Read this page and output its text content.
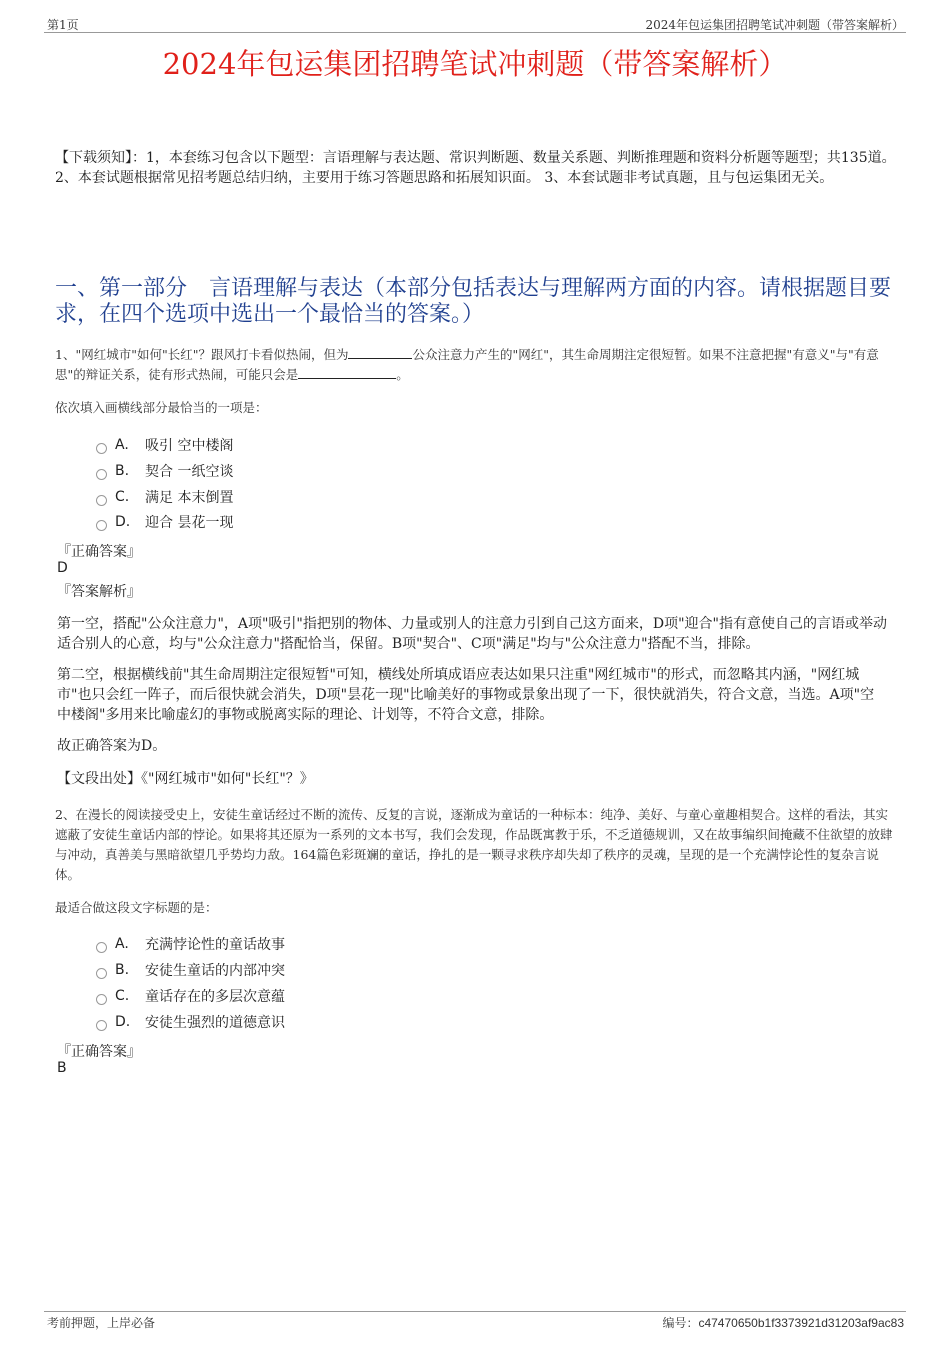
第1页	2024年包运集团招聘笔试冲刺题（带答案解析）
2024年包运集团招聘笔试冲刺题（带答案解析）
【下载须知】：1，本套练习包含以下题型：言语理解与表达题、常识判断题、数量关系题、判断推理题和资料分析题等题型；共135道。 2、本套试题根据常见招考题总结归纳，主要用于练习答题思路和拓展知识面。 3、本套试题非考试真题，且与包运集团无关。
一、第一部分　言语理解与表达（本部分包括表达与理解两方面的内容。请根据题目要求，在四个选项中选出一个最恰当的答案。）
1、"网红城市"如何"长红"？跟风打卡看似热闹，但为	公众注意力产生的"网红"，其生命周期注定很短暂。如果不注意把握"有意义"与"有意思"的辩证关系，徒有形式热闹，可能只会是	。
依次填入画横线部分最恰当的一项是：
A.	吸引 空中楼阁
B.	契合 一纸空谈
C.	满足 本末倒置
D.	迎合 昙花一现
『正确答案』
D
『答案解析』
第一空，搭配"公众注意力"，A项"吸引"指把别的物体、力量或别人的注意力引到自己这方面来，D项"迎合"指有意使自己的言语或举动适合别人的心意，均与"公众注意力"搭配恰当，保留。B项"契合"、C项"满足"均与"公众注意力"搭配不当，排除。
第二空，根据横线前"其生命周期注定很短暂"可知，横线处所填成语应表达如果只注重"网红城市"的形式，而忽略其内涵，"网红城市"也只会红一阵子，而后很快就会消失，D项"昙花一现"比喻美好的事物或景象出现了一下，很快就消失，符合文意，当选。A项"空中楼阁"多用来比喻虚幻的事物或脱离实际的理论、计划等，不符合文意，排除。
故正确答案为D。
【文段出处】《"网红城市"如何"长红"？》
2、在漫长的阅读接受史上，安徒生童话经过不断的流传、反复的言说，逐渐成为童话的一种标本：纯净、美好、与童心童趣相契合。这样的看法，其实遮蔽了安徒生童话内部的悖论。如果将其还原为一系列的文本书写，我们会发现，作品既寓教于乐，不乏道德规训，又在故事编织间掩藏不住欲望的放肆与冲动，真善美与黑暗欲望几乎势均力敌。164篇色彩斑斓的童话，挣扎的是一颗寻求秩序却失却了秩序的灵魂，呈现的是一个充满悖论性的复杂言说体。
最适合做这段文字标题的是：
A.	充满悖论性的童话故事
B.	安徒生童话的内部冲突
C.	童话存在的多层次意蕴
D.	安徒生强烈的道德意识
『正确答案』
B
考前押题，上岸必备	编号：c47470650b1f3373921d31203af9ac83
